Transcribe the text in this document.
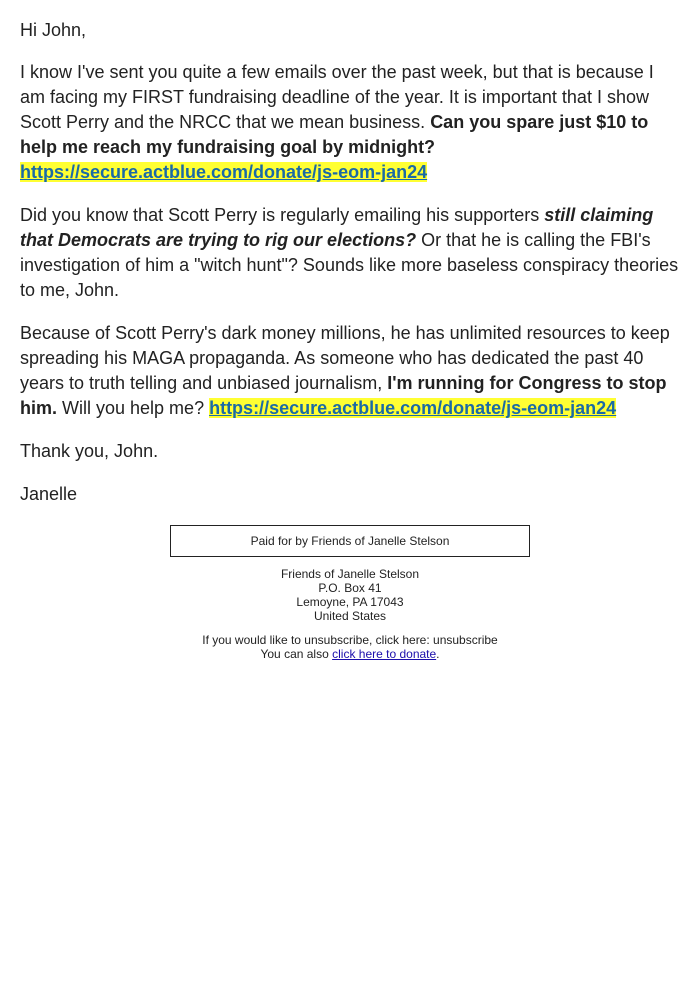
Hi John,

I know I've sent you quite a few emails over the past week, but that is because I am facing my FIRST fundraising deadline of the year. It is important that I show Scott Perry and the NRCC that we mean business. Can you spare just $10 to help me reach my fundraising goal by midnight?
https://secure.actblue.com/donate/js-eom-jan24

Did you know that Scott Perry is regularly emailing his supporters still claiming that Democrats are trying to rig our elections? Or that he is calling the FBI's investigation of him a "witch hunt"? Sounds like more baseless conspiracy theories to me, John.

Because of Scott Perry's dark money millions, he has unlimited resources to keep spreading his MAGA propaganda. As someone who has dedicated the past 40 years to truth telling and unbiased journalism, I'm running for Congress to stop him. Will you help me? https://secure.actblue.com/donate/js-eom-jan24

Thank you, John.

Janelle

Paid for by Friends of Janelle Stelson
Friends of Janelle Stelson
P.O. Box 41
Lemoyne, PA 17043
United States
If you would like to unsubscribe, click here: unsubscribe
You can also click here to donate.
